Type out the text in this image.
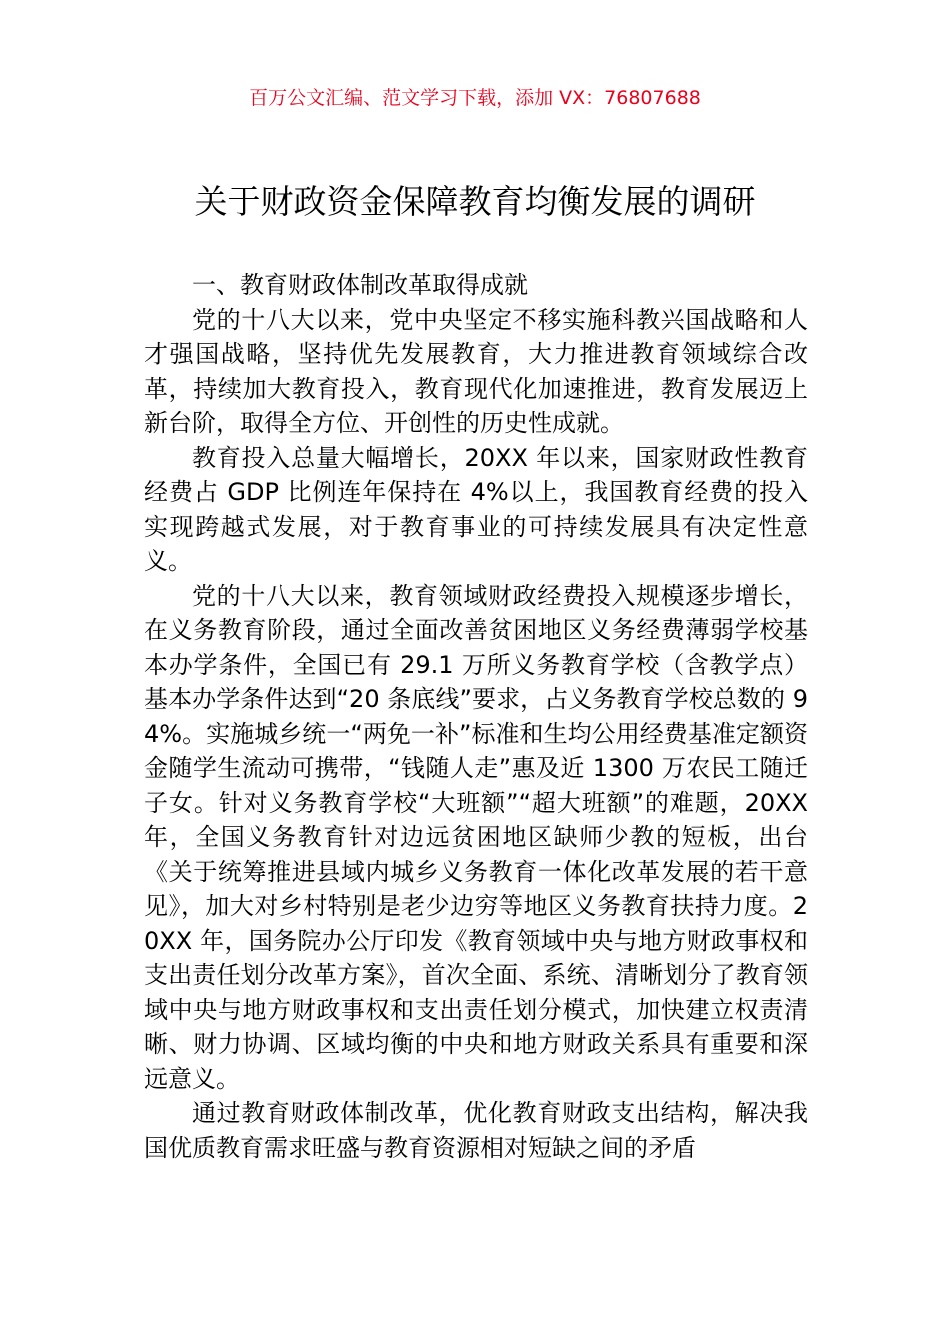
百万公文汇编、范文学习下载，添加 VX：76807688
关于财政资金保障教育均衡发展的调研

一、教育财政体制改革取得成就

党的十八大以来，党中央坚定不移实施科教兴国战略和人才强国战略，坚持优先发展教育，大力推进教育领域综合改革，持续加大教育投入，教育现代化加速推进，教育发展迈上新台阶，取得全方位、开创性的历史性成就。

教育投入总量大幅增长，20XX 年以来，国家财政性教育经费占 GDP 比例连年保持在 4%以上，我国教育经费的投入实现跨越式发展，对于教育事业的可持续发展具有决定性意义。

党的十八大以来，教育领域财政经费投入规模逐步增长，在义务教育阶段，通过全面改善贫困地区义务经费薄弱学校基本办学条件，全国已有 29.1 万所义务教育学校（含教学点）基本办学条件达到“20 条底线”要求，占义务教育学校总数的 94%。实施城乡统一“两免一补”标准和生均公用经费基准定额资金随学生流动可携带，“钱随人走”惠及近 1300 万农民工随迁子女。针对义务教育学校“大班额”“超大班额”的难题，20XX 年，全国义务教育针对边远贫困地区缺师少教的短板，出台《关于统筹推进县域内城乡义务教育一体化改革发展的若干意见》，加大对乡村特别是老少边穷等地区义务教育扶持力度。20XX 年，国务院办公厅印发《教育领域中央与地方财政事权和支出责任划分改革方案》，首次全面、系统、清晰划分了教育领域中央与地方财政事权和支出责任划分模式，加快建立权责清晰、财力协调、区域均衡的中央和地方财政关系具有重要和深远意义。

通过教育财政体制改革，优化教育财政支出结构，解决我国优质教育需求旺盛与教育资源相对短缺之间的矛盾
